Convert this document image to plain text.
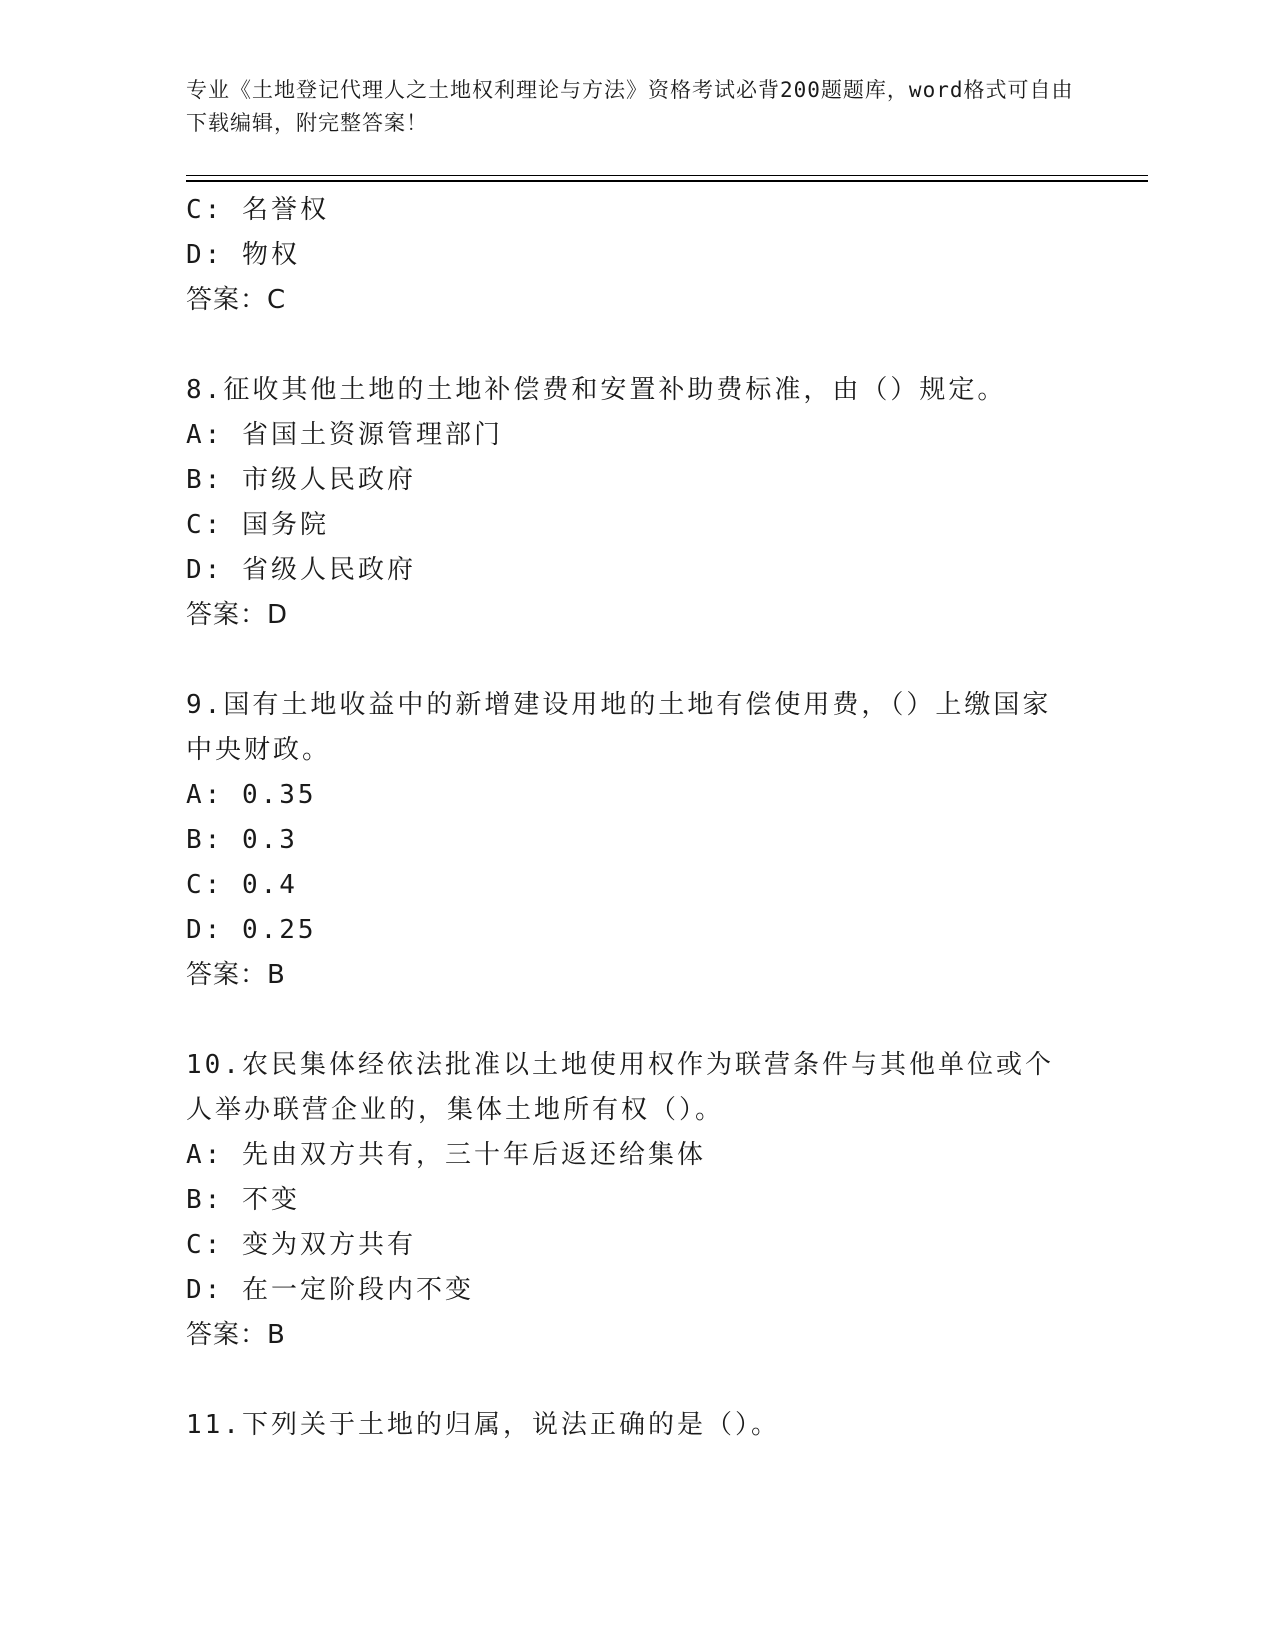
专业《土地登记代理人之土地权利理论与方法》资格考试必背200题题库，word格式可自由下载编辑，附完整答案！
C: 名誉权
D: 物权
答案：C
8.征收其他土地的土地补偿费和安置补助费标准，由（）规定。
A: 省国土资源管理部门
B: 市级人民政府
C: 国务院
D: 省级人民政府
答案：D
9.国有土地收益中的新增建设用地的土地有偿使用费，（）上缴国家中央财政。
A: 0.35
B: 0.3
C: 0.4
D: 0.25
答案：B
10.农民集体经依法批准以土地使用权作为联营条件与其他单位或个人举办联营企业的，集体土地所有权（）。
A: 先由双方共有，三十年后返还给集体
B: 不变
C: 变为双方共有
D: 在一定阶段内不变
答案：B
11.下列关于土地的归属，说法正确的是（）。
